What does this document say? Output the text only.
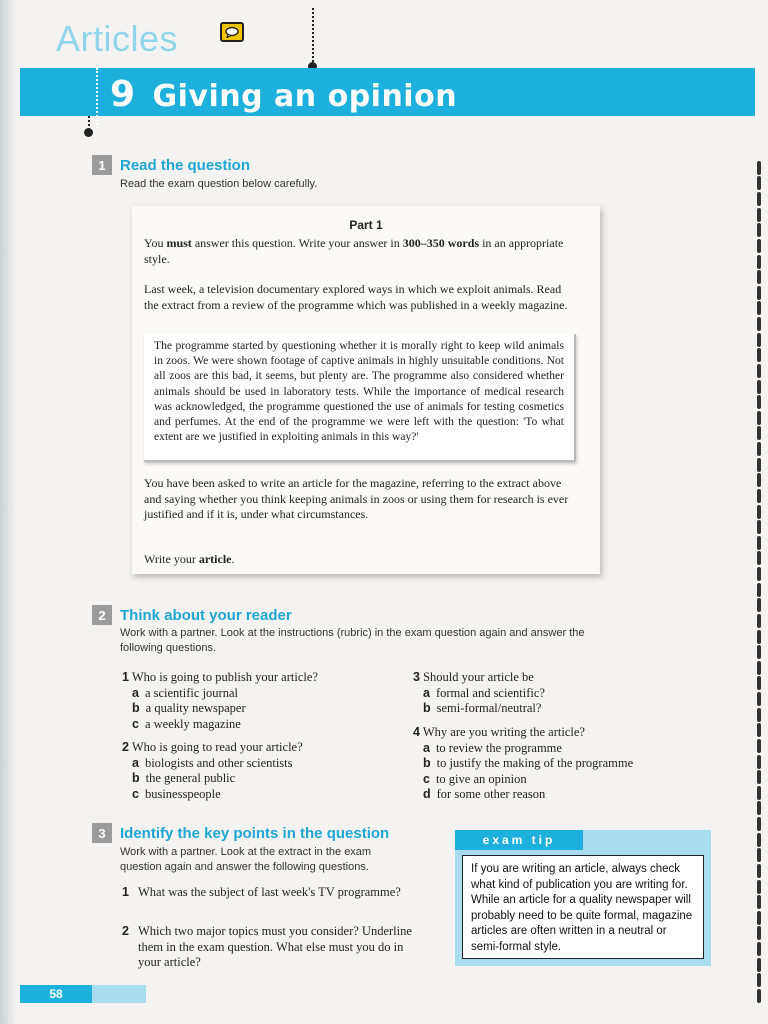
Articles
9 Giving an opinion
1 Read the question
Read the exam question below carefully.
Part 1

You must answer this question. Write your answer in 300–350 words in an appropriate style.

Last week, a television documentary explored ways in which we exploit animals. Read the extract from a review of the programme which was published in a weekly magazine.

The programme started by questioning whether it is morally right to keep wild animals in zoos. We were shown footage of captive animals in highly unsuitable conditions. Not all zoos are this bad, it seems, but plenty are. The programme also considered whether animals should be used in laboratory tests. While the importance of medical research was acknowledged, the programme questioned the use of animals for testing cosmetics and perfumes. At the end of the programme we were left with the question: 'To what extent are we justified in exploiting animals in this way?'

You have been asked to write an article for the magazine, referring to the extract above and saying whether you think keeping animals in zoos or using them for research is ever justified and if it is, under what circumstances.

Write your article.

2 Think about your reader
Work with a partner. Look at the instructions (rubric) in the exam question again and answer the following questions.
1 Who is going to publish your article?
a a scientific journal
b a quality newspaper
c a weekly magazine
2 Who is going to read your article?
a biologists and other scientists
b the general public
c businesspeople
3 Should your article be
a formal and scientific?
b semi-formal/neutral?
4 Why are you writing the article?
a to review the programme
b to justify the making of the programme
c to give an opinion
d for some other reason
3 Identify the key points in the question
Work with a partner. Look at the extract in the exam question again and answer the following questions.
1 What was the subject of last week's TV programme?
2 Which two major topics must you consider? Underline them in the exam question. What else must you do in your article?
exam tip
If you are writing an article, always check what kind of publication you are writing for. While an article for a quality newspaper will probably need to be quite formal, magazine articles are often written in a neutral or semi-formal style.
58
